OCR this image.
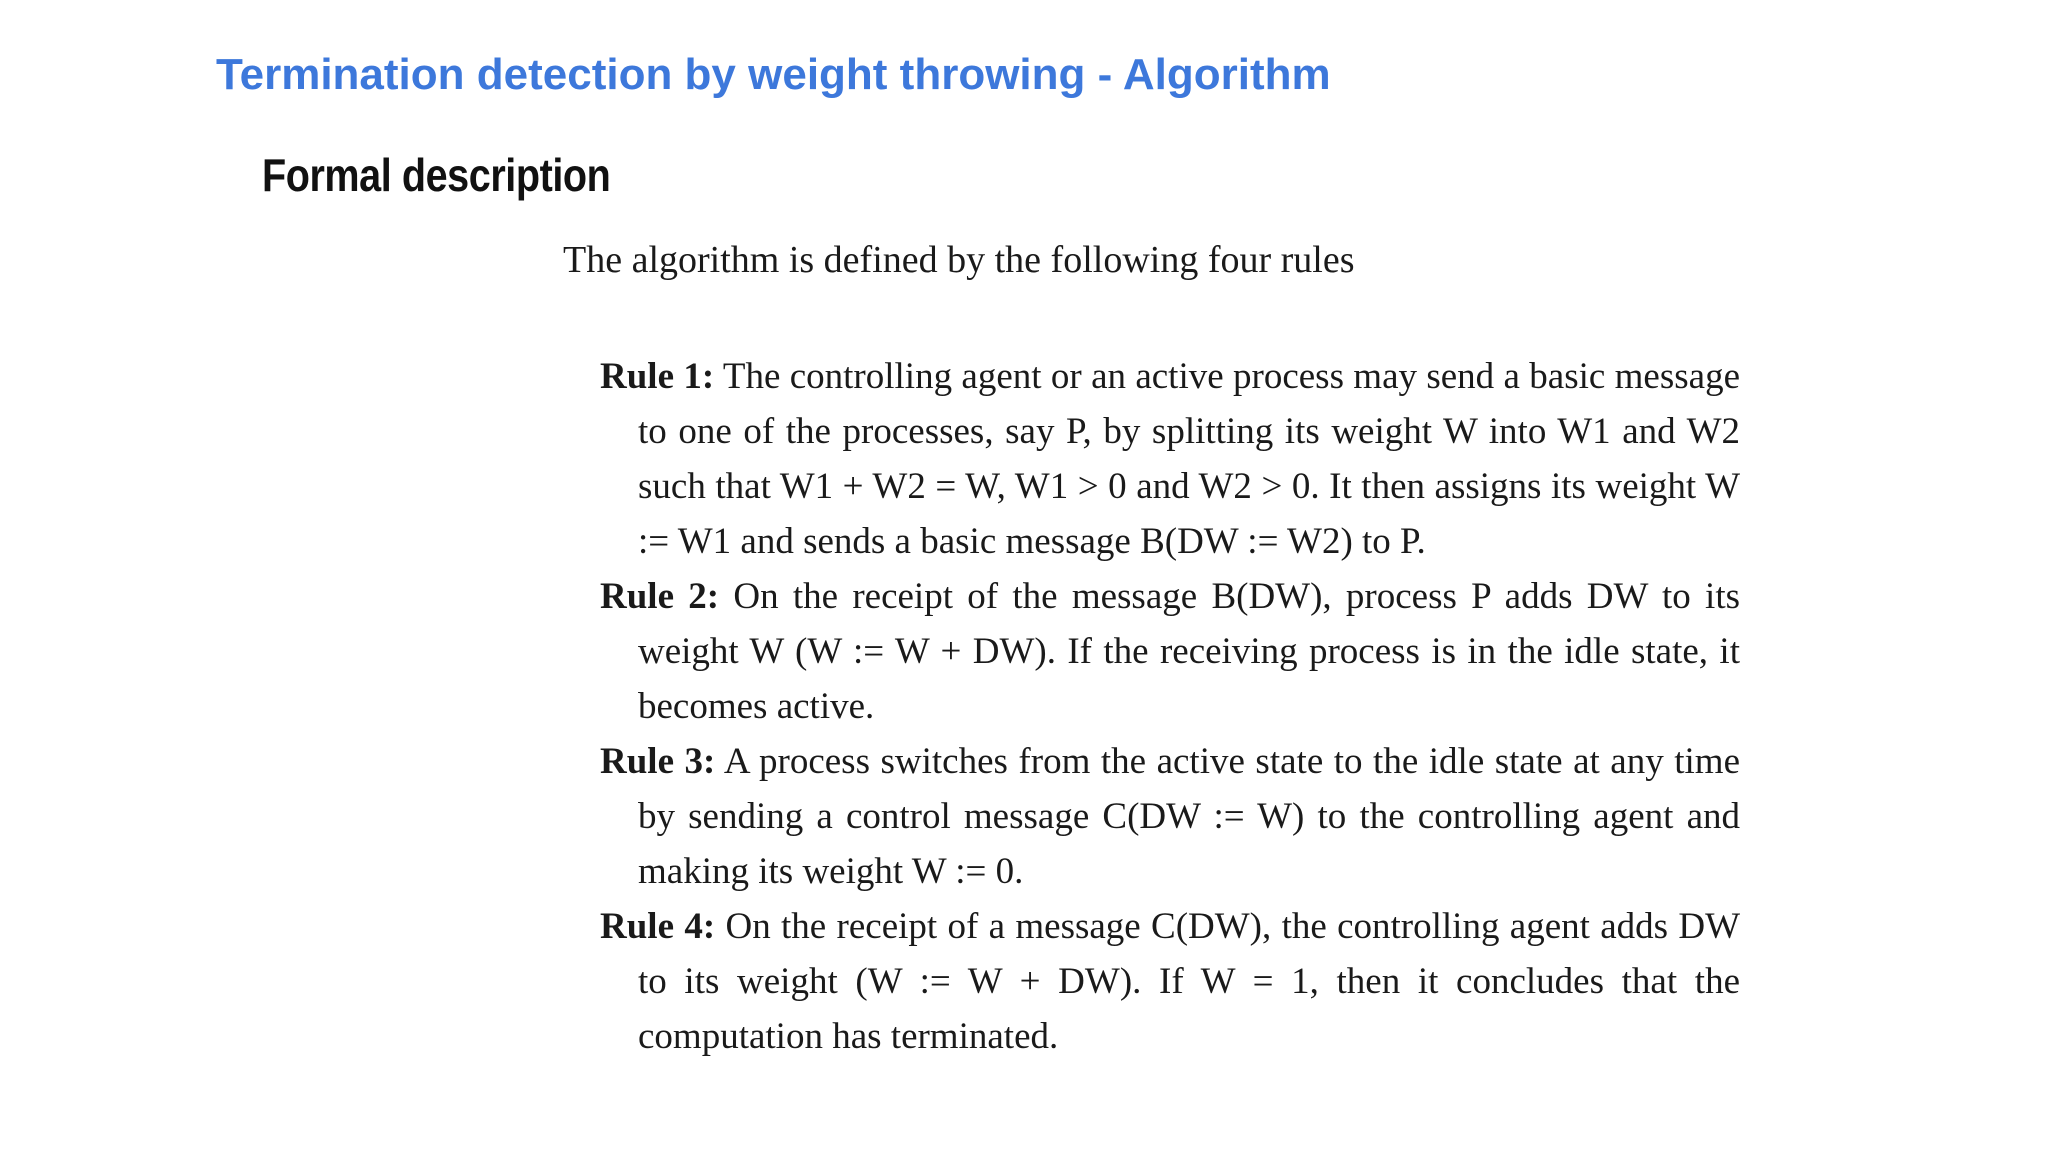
Termination detection by weight throwing - Algorithm
Formal description

The algorithm is defined by the following four rules

Rule 1: The controlling agent or an active process may send a basic message to one of the processes, say P, by splitting its weight W into W1 and W2 such that W1 + W2 = W, W1 > 0 and W2 > 0. It then assigns its weight W := W1 and sends a basic message B(DW := W2) to P.
Rule 2: On the receipt of the message B(DW), process P adds DW to its weight W (W := W + DW). If the receiving process is in the idle state, it becomes active.
Rule 3: A process switches from the active state to the idle state at any time by sending a control message C(DW := W) to the controlling agent and making its weight W := 0.
Rule 4: On the receipt of a message C(DW), the controlling agent adds DW to its weight (W := W + DW). If W = 1, then it concludes that the computation has terminated.
